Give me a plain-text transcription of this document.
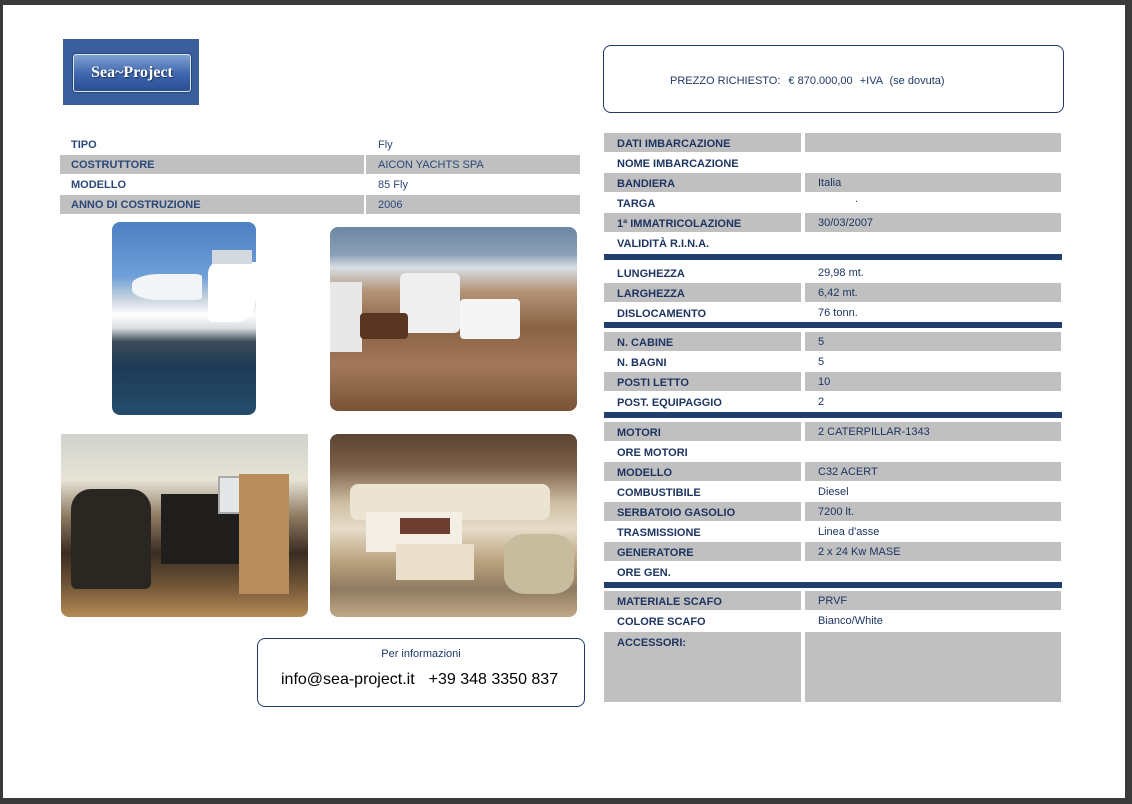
Sea~Project	PREZZO RICHIESTO: € 870.000,00 +IVA (se dovuta)
TIPO	Fly
COSTRUTTORE	AICON YACHTS SPA
MODELLO	85 Fly
ANNO DI COSTRUZIONE	2006
Per informazioni
info@sea-project.it +39 348 3350 837
DATI IMBARCAZIONE
NOME IMBARCAZIONE
BANDIERA	Italia
TARGA	.
1ª IMMATRICOLAZIONE	30/03/2007
VALIDITÀ R.I.N.A.
LUNGHEZZA	29,98 mt.
LARGHEZZA	6,42 mt.
DISLOCAMENTO	76 tonn.
N. CABINE	5
N. BAGNI	5
POSTI LETTO	10
POST. EQUIPAGGIO	2
MOTORI	2 CATERPILLAR-1343
ORE MOTORI
MODELLO	C32 ACERT
COMBUSTIBILE	Diesel
SERBATOIO GASOLIO	7200 lt.
TRASMISSIONE	Linea d'asse
GENERATORE	2 x 24 Kw MASE
ORE GEN.
MATERIALE SCAFO	PRVF
COLORE SCAFO	Bianco/White
ACCESSORI:
